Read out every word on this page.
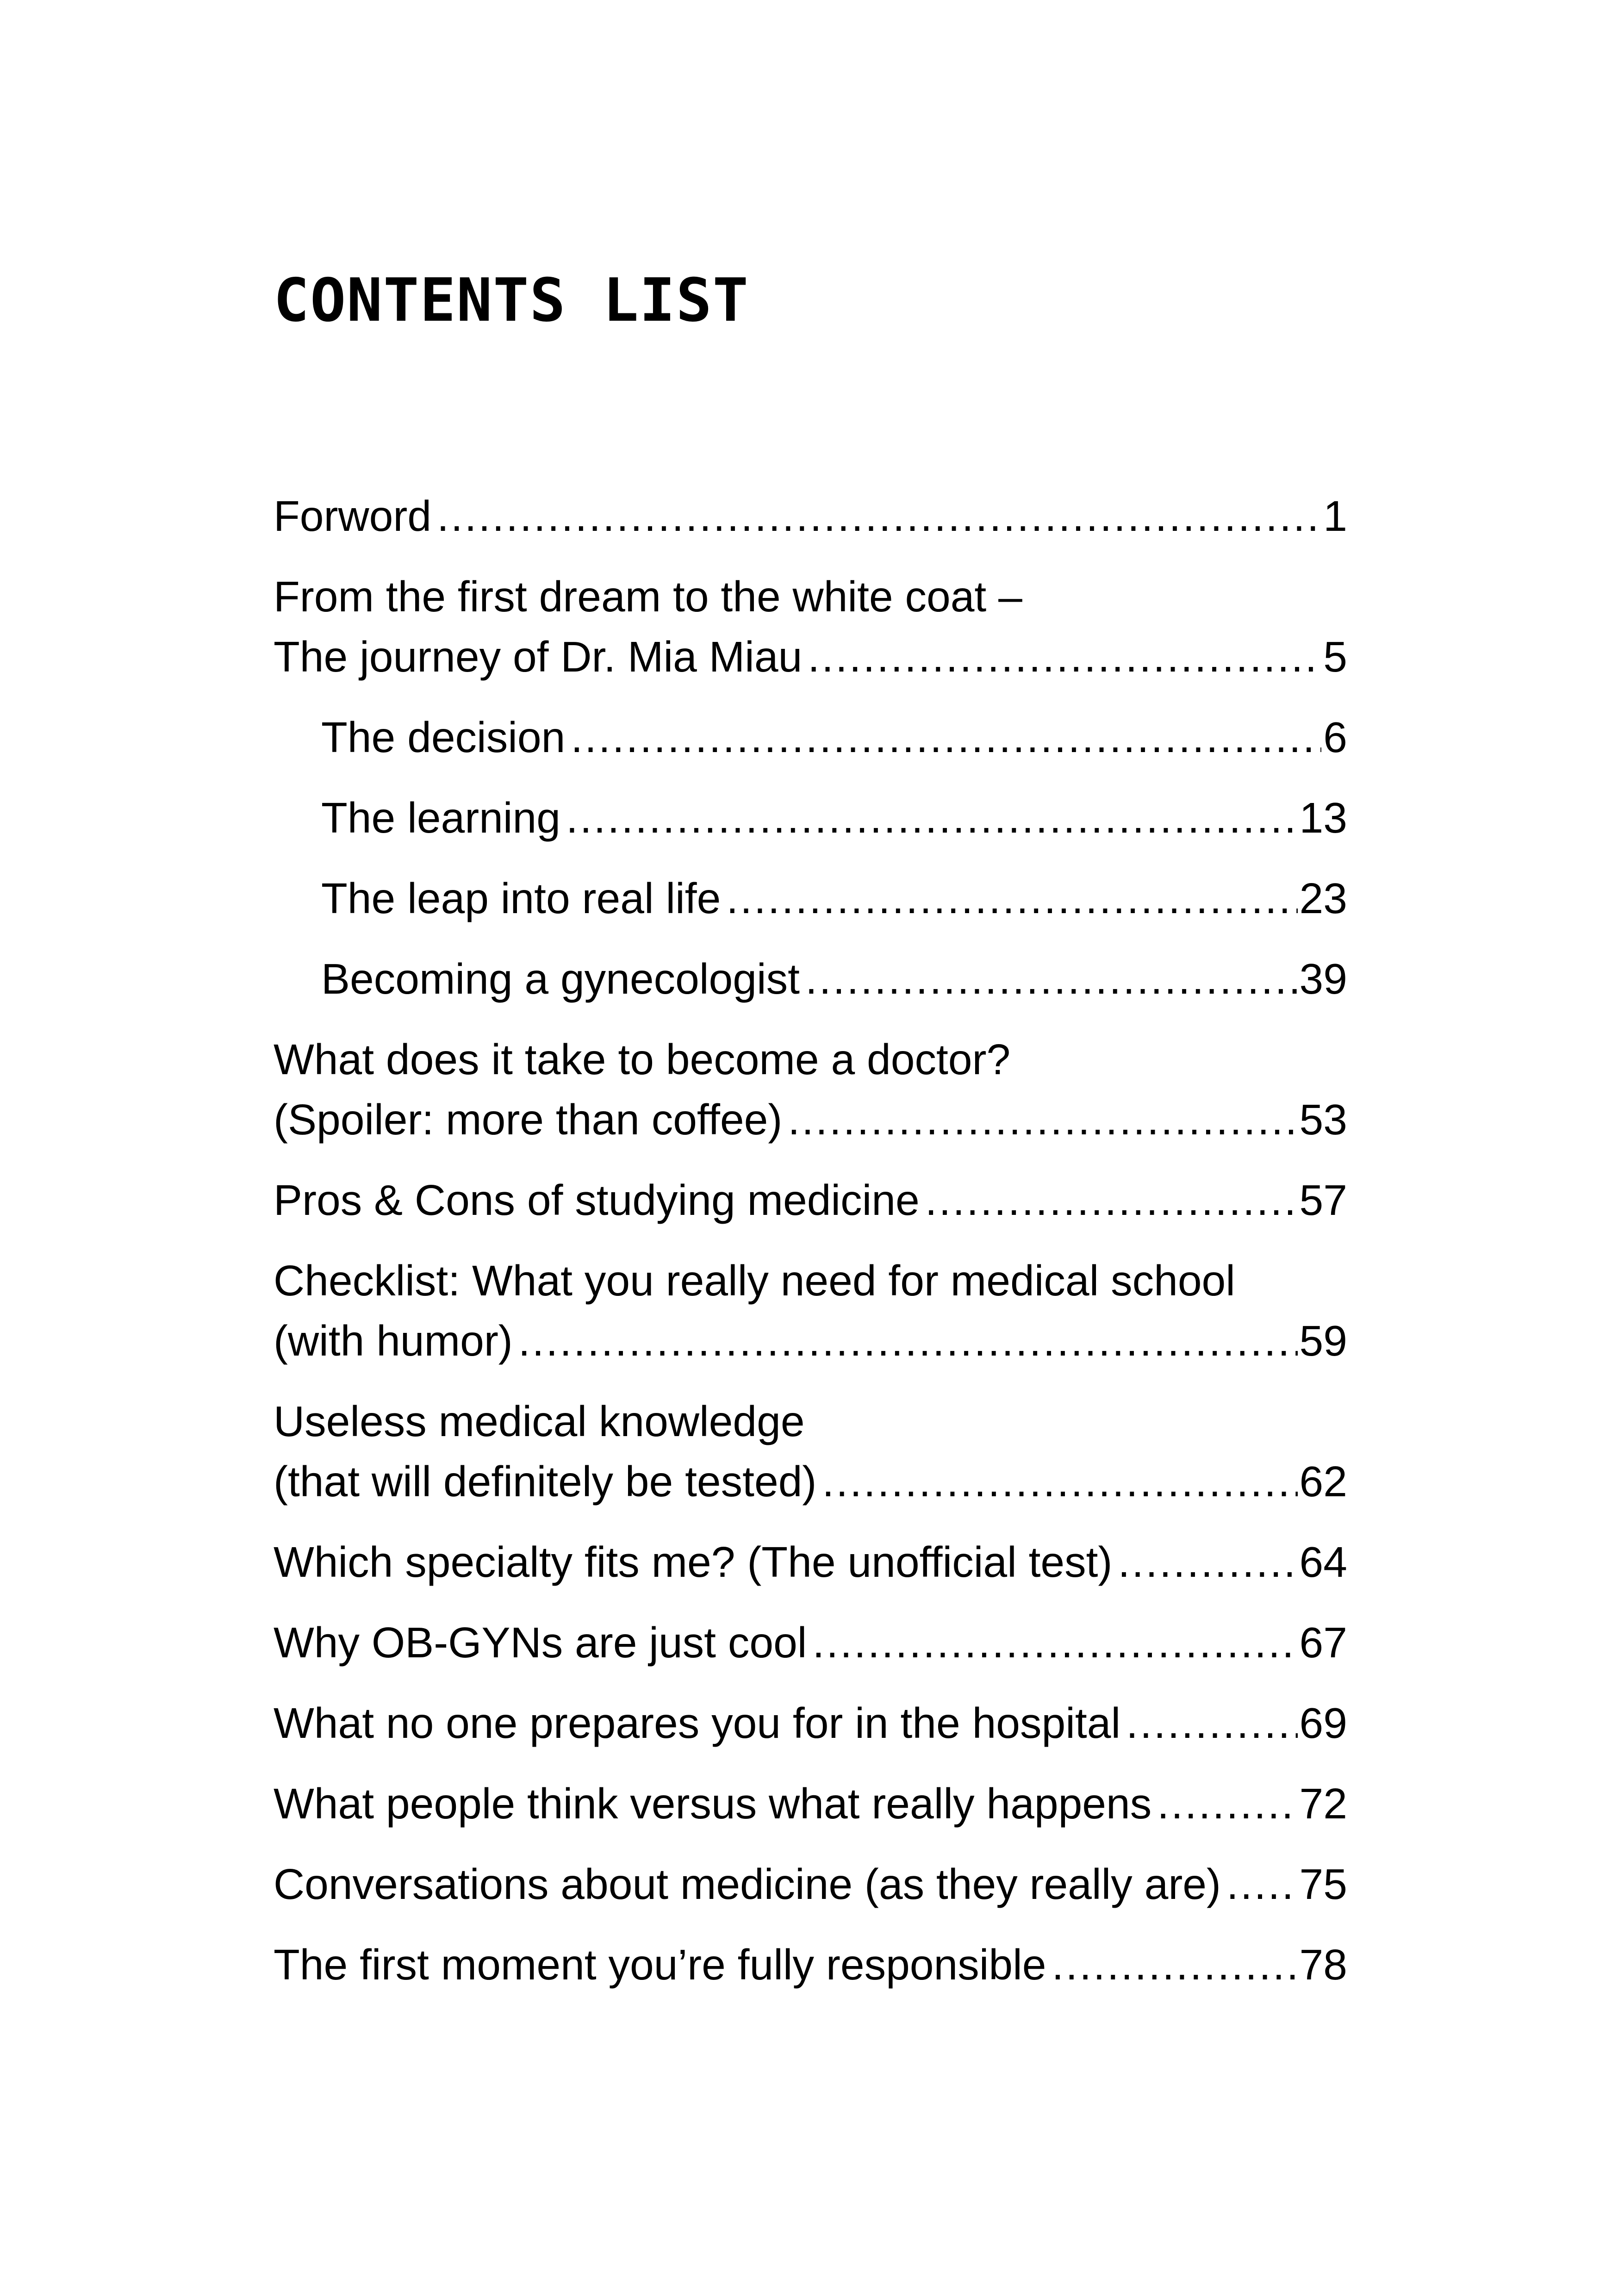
CONTENTS LIST
Forword .....	1
From the first dream to the white coat –
The journey of Dr. Mia Miau .....	5
The decision .....	6
The learning .....	13
The leap into real life .....	23
Becoming a gynecologist .....	39
What does it take to become a doctor?
(Spoiler: more than coffee) .....	53
Pros & Cons of studying medicine .....	57
Checklist: What you really need for medical school
(with humor) .....	59
Useless medical knowledge
(that will definitely be tested) .....	62
Which specialty fits me? (The unofficial test) .....	64
Why OB-GYNs are just cool .....	67
What no one prepares you for in the hospital .....	69
What people think versus what really happens .....	72
Conversations about medicine (as they really are) ..... 75
The first moment you’re fully responsible .....	78
